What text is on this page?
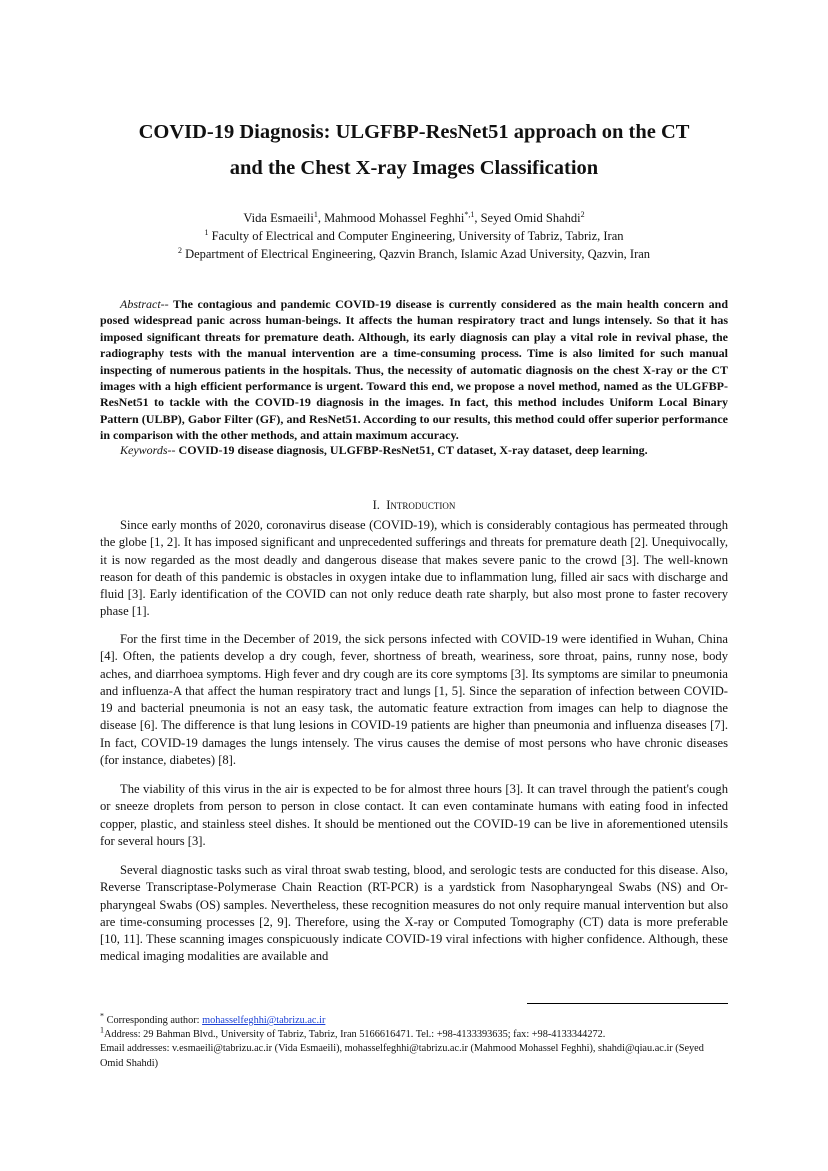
COVID-19 Diagnosis: ULGFBP-ResNet51 approach on the CT
and the Chest X-ray Images Classification
Vida Esmaeili$^1$, Mahmood Mohassel Feghhi$^{*,1}$, Seyed Omid Shahdi$^2$
$^1$ Faculty of Electrical and Computer Engineering, University of Tabriz, Tabriz, Iran
$^2$ Department of Electrical Engineering, Qazvin Branch, Islamic Azad University, Qazvin, Iran
Abstract-- The contagious and pandemic COVID-19 disease is currently considered as the main health concern and posed widespread panic across human-beings. It affects the human respiratory tract and lungs intensely. So that it has imposed significant threats for premature death. Although, its early diagnosis can play a vital role in revival phase, the radiography tests with the manual intervention are a time-consuming process. Time is also limited for such manual inspecting of numerous patients in the hospitals. Thus, the necessity of automatic diagnosis on the chest X-ray or the CT images with a high efficient performance is urgent. Toward this end, we propose a novel method, named as the ULGFBP-ResNet51 to tackle with the COVID-19 diagnosis in the images. In fact, this method includes Uniform Local Binary Pattern (ULBP), Gabor Filter (GF), and ResNet51. According to our results, this method could offer superior performance in comparison with the other methods, and attain maximum accuracy.
Keywords-- COVID-19 disease diagnosis, ULGFBP-ResNet51, CT dataset, X-ray dataset, deep learning.
I. Introduction
Since early months of 2020, coronavirus disease (COVID-19), which is considerably contagious has permeated through the globe [1, 2]. It has imposed significant and unprecedented sufferings and threats for premature death [2]. Unequivocally, it is now regarded as the most deadly and dangerous disease that makes severe panic to the crowd [3]. The well-known reason for death of this pandemic is obstacles in oxygen intake due to inflammation lung, filled air sacs with discharge and fluid [3]. Early identification of the COVID can not only reduce death rate sharply, but also most prone to faster recovery phase [1].
For the first time in the December of 2019, the sick persons infected with COVID-19 were identified in Wuhan, China [4]. Often, the patients develop a dry cough, fever, shortness of breath, weariness, sore throat, pains, runny nose, body aches, and diarrhoea symptoms. High fever and dry cough are its core symptoms [3]. Its symptoms are similar to pneumonia and influenza-A that affect the human respiratory tract and lungs [1, 5]. Since the separation of infection between COVID-19 and bacterial pneumonia is not an easy task, the automatic feature extraction from images can help to diagnose the disease [6]. The difference is that lung lesions in COVID-19 patients are higher than pneumonia and influenza diseases [7]. In fact, COVID-19 damages the lungs intensely. The virus causes the demise of most persons who have chronic diseases (for instance, diabetes) [8].
The viability of this virus in the air is expected to be for almost three hours [3]. It can travel through the patient's cough or sneeze droplets from person to person in close contact. It can even contaminate humans with eating food in infected copper, plastic, and stainless steel dishes. It should be mentioned out the COVID-19 can be live in aforementioned utensils for several hours [3].
Several diagnostic tasks such as viral throat swab testing, blood, and serologic tests are conducted for this disease. Also, Reverse Transcriptase-Polymerase Chain Reaction (RT-PCR) is a yardstick from Nasopharyngeal Swabs (NS) and Or-pharyngeal Swabs (OS) samples. Nevertheless, these recognition measures do not only require manual intervention but also are time-consuming processes [2, 9]. Therefore, using the X-ray or Computed Tomography (CT) data is more preferable [10, 11]. These scanning images conspicuously indicate COVID-19 viral infections with higher confidence. Although, these medical imaging modalities are available and
* Corresponding author: mohasselfeghhi@tabrizu.ac.ir
$^1$Address: 29 Bahman Blvd., University of Tabriz, Tabriz, Iran 5166616471. Tel.: +98-4133393635; fax: +98-4133344272.
Email addresses: v.esmaeili@tabrizu.ac.ir (Vida Esmaeili), mohasselfeghhi@tabrizu.ac.ir (Mahmood Mohassel Feghhi), shahdi@qiau.ac.ir (Seyed Omid Shahdi)
